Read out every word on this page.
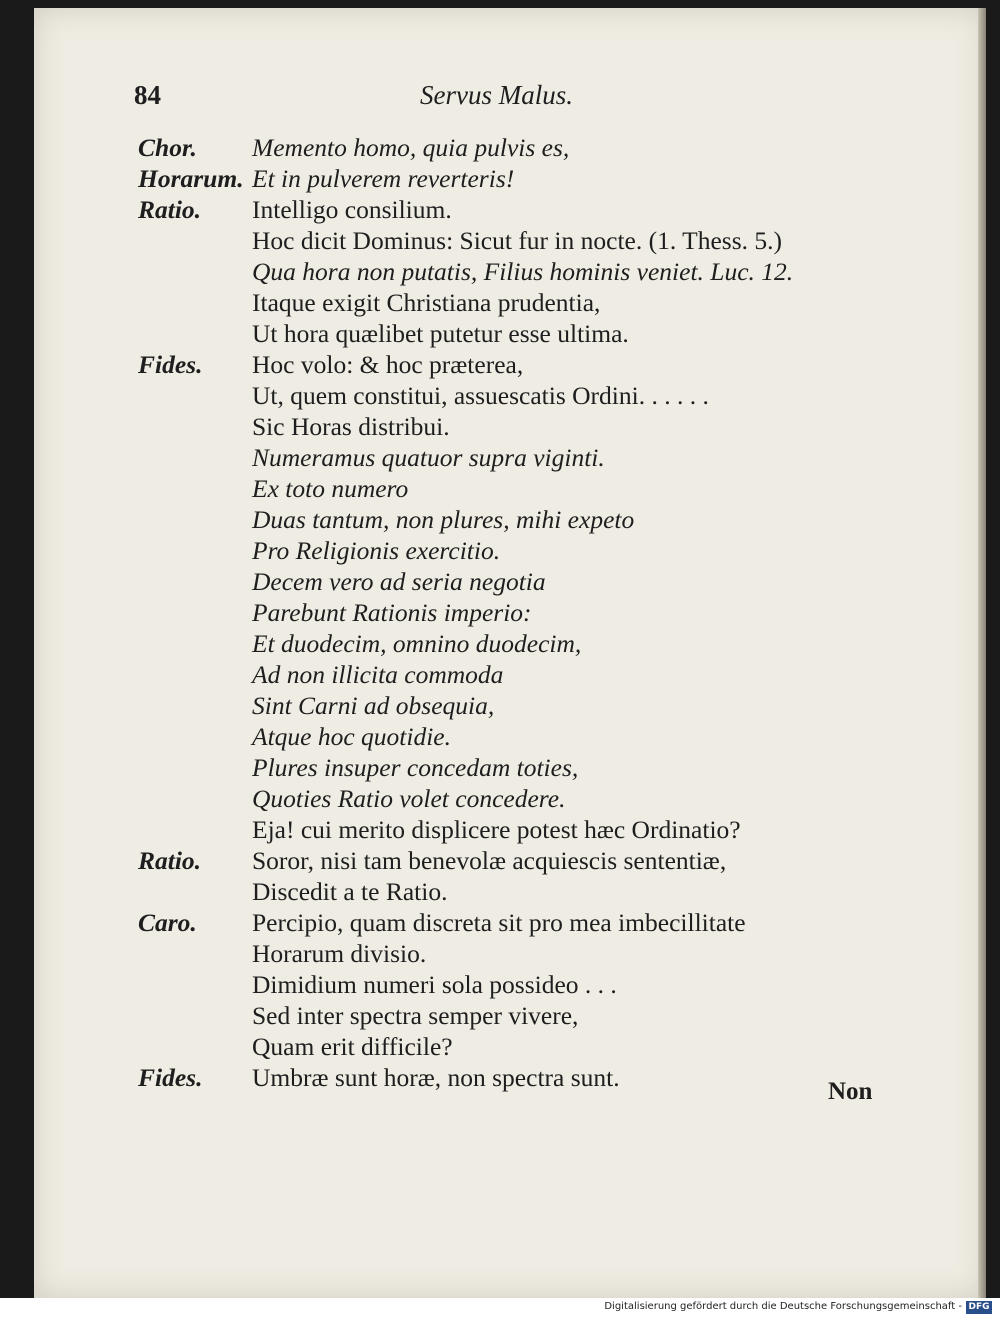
84	Servus Malus.
Chor. Memento homo, quia pulvis es,
Horarum. Et in pulverem reverteris!
Ratio. Intelligo consilium.
Hoc dicit Dominus: Sicut fur in nocte. (1. Thess. 5.)
Qua hora non putatis, Filius hominis veniet. Luc. 12.
Itaque exigit Christiana prudentia,
Ut hora quælibet putetur esse ultima.
Fides. Hoc volo: & hoc præterea,
Ut, quem constitui, assuescatis Ordini. . . . . .
Sic Horas distribui.
Numeramus quatuor supra viginti.
Ex toto numero
Duas tantum, non plures, mihi expeto
Pro Religionis exercitio.
Decem vero ad seria negotia
Parebunt Rationis imperio:
Et duodecim, omnino duodecim,
Ad non illicita commoda
Sint Carni ad obsequia,
Atque hoc quotidie.
Plures insuper concedam toties,
Quoties Ratio volet concedere.
Eja! cui merito displicere potest hæc Ordinatio?
Ratio. Soror, nisi tam benevolæ acquiescis sententiæ,
Discedit a te Ratio.
Caro. Percipio, quam discreta sit pro mea imbecillitate
Horarum divisio.
Dimidium numeri sola possideo . . .
Sed inter spectra semper vivere,
Quam erit difficile?
Fides. Umbræ sunt horæ, non spectra sunt.	Non
Digitalisierung gefördert durch die Deutsche Forschungsgemeinschaft - DFG
